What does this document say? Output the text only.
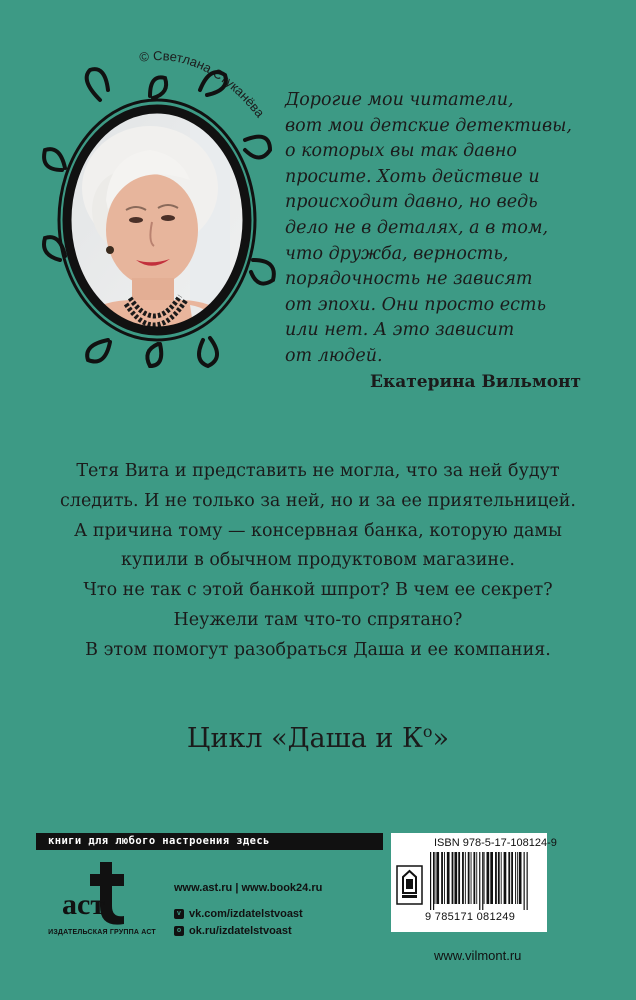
© Светлана Стуканёва
Дорогие мои читатели,
вот мои детские детективы,
о которых вы так давно
просите. Хоть действие и
происходит давно, но ведь
дело не в деталях, а в том,
что дружба, верность,
порядочность не зависят
от эпохи. Они просто есть
или нет. А это зависит
от людей.
Екатерина Вильмонт
Тетя Вита и представить не могла, что за ней будут
следить. И не только за ней, но и за ее приятельницей.
А причина тому — консервная банка, которую дамы
купили в обычном продуктовом магазине.
Что не так с этой банкой шпрот? В чем ее секрет?
Неужели там что-то спрятано?
В этом помогут разобраться Даша и ее компания.
Цикл «Даша и $К^о$»
книги для любого настроения здесь
аст
ИЗДАТЕЛЬСКАЯ ГРУППА АСТ
www.ast.ru | www.book24.ru
v vk.com/izdatelstvoast
o ok.ru/izdatelstvoast
ISBN 978-5-17-108124-9
9 785171 081249
www.vilmont.ru
